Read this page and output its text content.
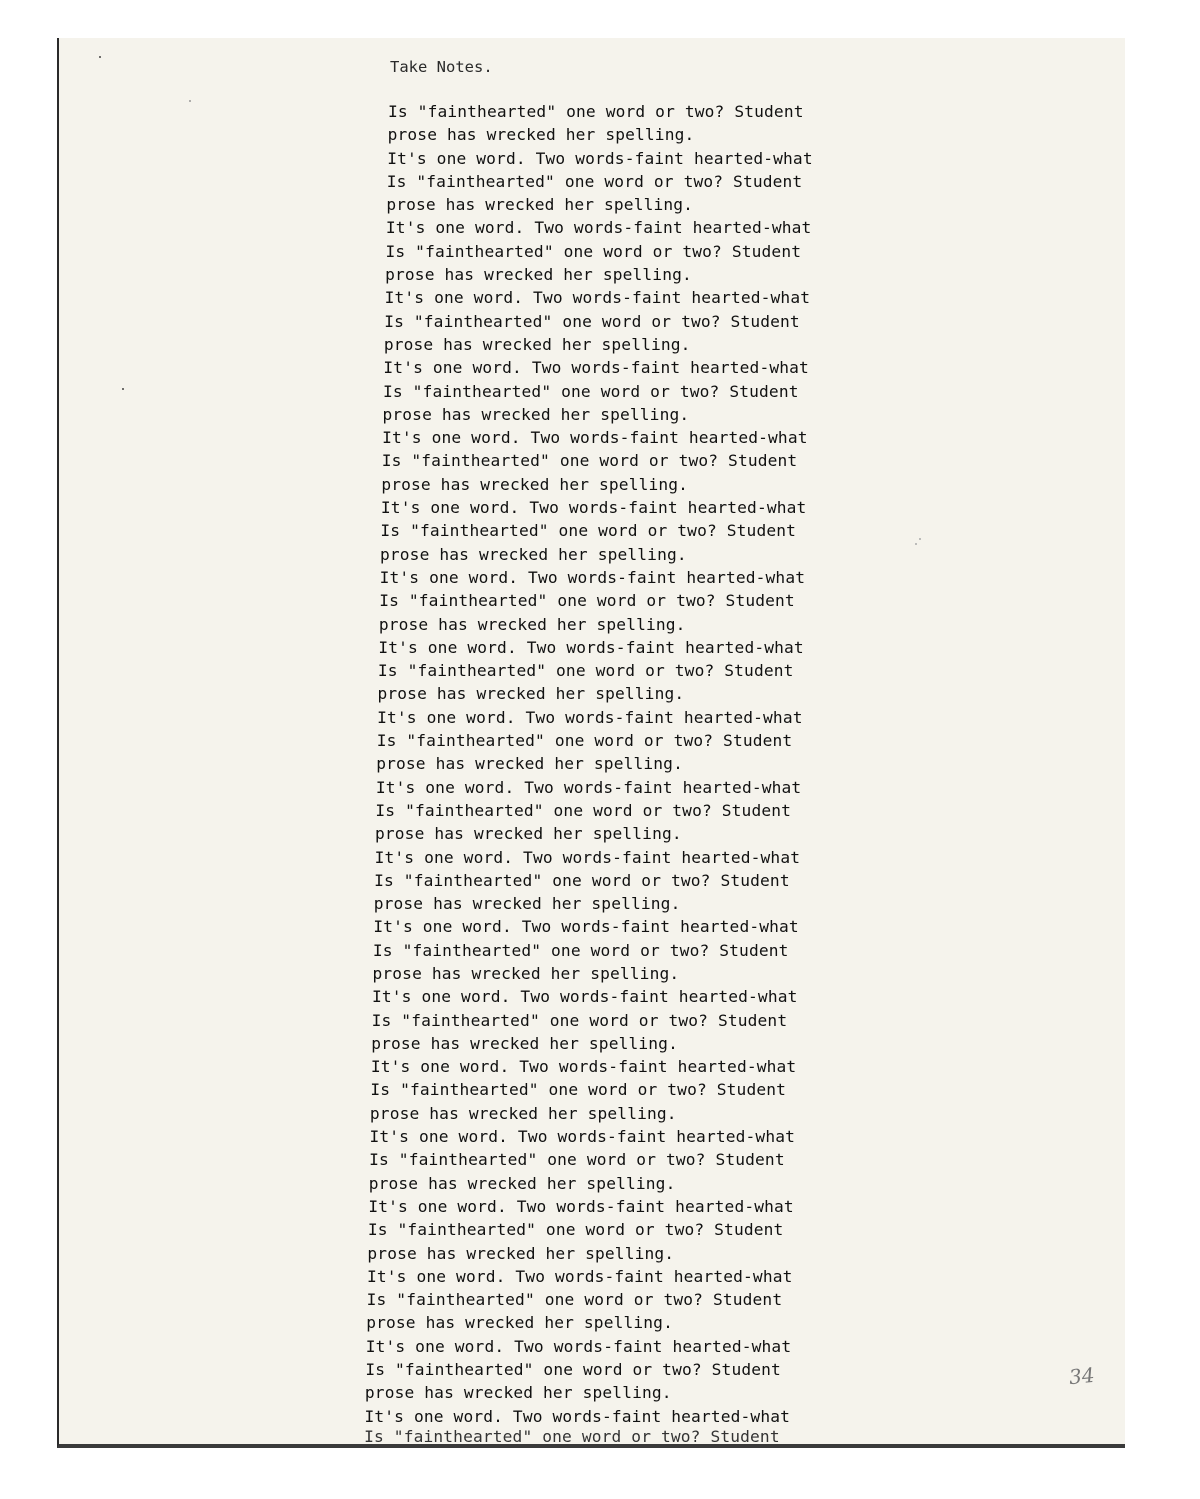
Take Notes.
Is "fainthearted" one word or two? Student
prose has wrecked her spelling.
It's one word. Two words-faint hearted-what
Is "fainthearted" one word or two? Student
prose has wrecked her spelling.
It's one word. Two words-faint hearted-what
Is "fainthearted" one word or two? Student
prose has wrecked her spelling.
It's one word. Two words-faint hearted-what
Is "fainthearted" one word or two? Student
prose has wrecked her spelling.
It's one word. Two words-faint hearted-what
Is "fainthearted" one word or two? Student
prose has wrecked her spelling.
It's one word. Two words-faint hearted-what
Is "fainthearted" one word or two? Student
prose has wrecked her spelling.
It's one word. Two words-faint hearted-what
Is "fainthearted" one word or two? Student
prose has wrecked her spelling.
It's one word. Two words-faint hearted-what
Is "fainthearted" one word or two? Student
prose has wrecked her spelling.
It's one word. Two words-faint hearted-what
Is "fainthearted" one word or two? Student
prose has wrecked her spelling.
It's one word. Two words-faint hearted-what
Is "fainthearted" one word or two? Student
prose has wrecked her spelling.
It's one word. Two words-faint hearted-what
Is "fainthearted" one word or two? Student
prose has wrecked her spelling.
It's one word. Two words-faint hearted-what
Is "fainthearted" one word or two? Student
prose has wrecked her spelling.
It's one word. Two words-faint hearted-what
Is "fainthearted" one word or two? Student
prose has wrecked her spelling.
It's one word. Two words-faint hearted-what
Is "fainthearted" one word or two? Student
prose has wrecked her spelling.
It's one word. Two words-faint hearted-what
Is "fainthearted" one word or two? Student
prose has wrecked her spelling.
It's one word. Two words-faint hearted-what
Is "fainthearted" one word or two? Student
prose has wrecked her spelling.
It's one word. Two words-faint hearted-what
Is "fainthearted" one word or two? Student
prose has wrecked her spelling.
It's one word. Two words-faint hearted-what
Is "fainthearted" one word or two? Student
prose has wrecked her spelling.
It's one word. Two words-faint hearted-what
Is "fainthearted" one word or two? Student
prose has wrecked her spelling.
It's one word. Two words-faint hearted-what
Is "fainthearted" one word or two? Student
34
